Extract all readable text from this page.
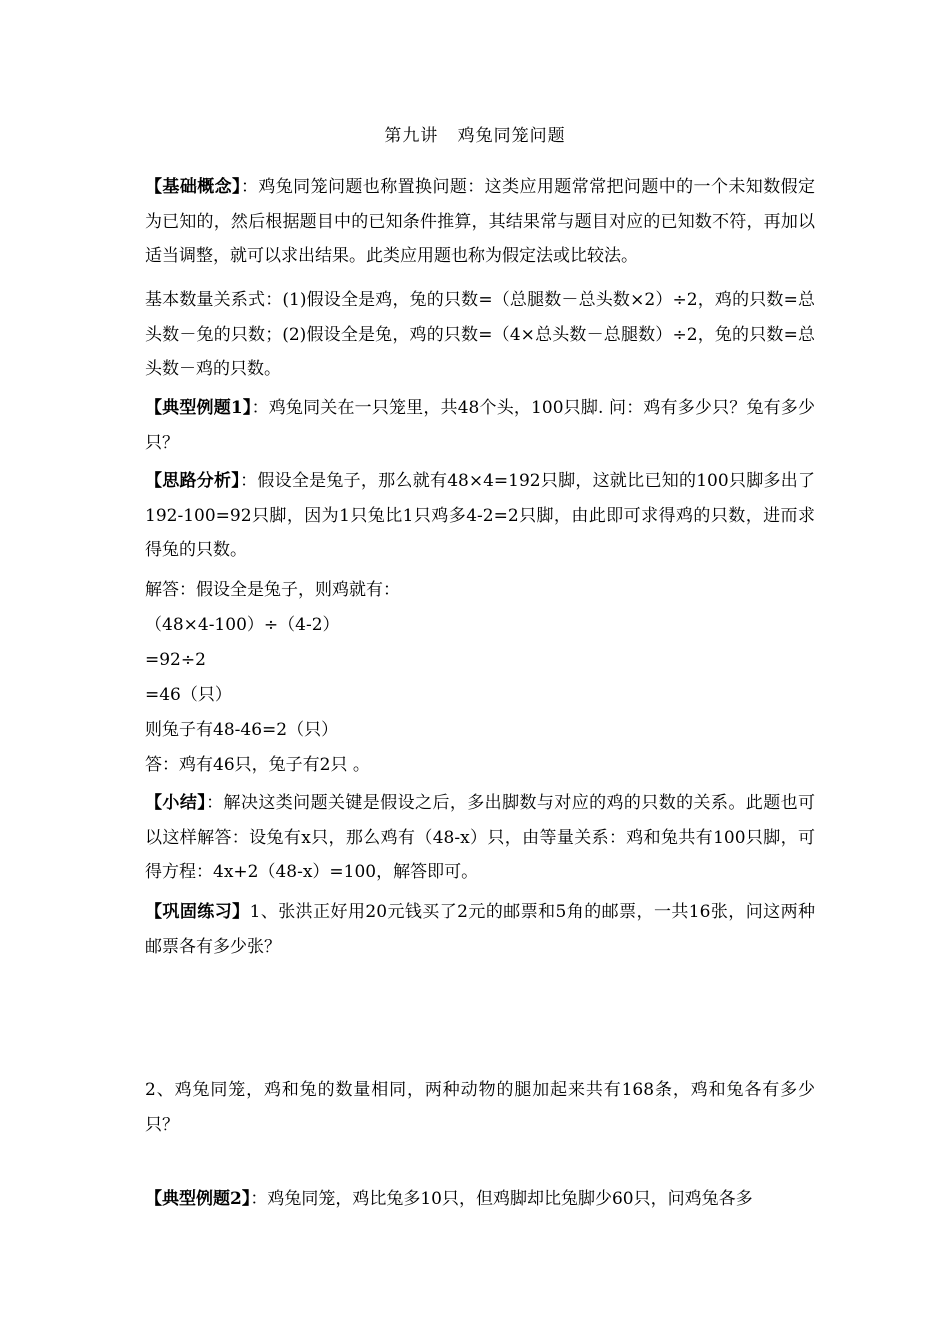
第九讲   鸡兔同笼问题
【基础概念】：鸡兔同笼问题也称置换问题：这类应用题常常把问题中的一个未知数假定为已知的，然后根据题目中的已知条件推算，其结果常与题目对应的已知数不符，再加以适当调整，就可以求出结果。此类应用题也称为假定法或比较法。
基本数量关系式：(1)假设全是鸡，兔的只数=（总腿数－总头数×2）÷2，鸡的只数=总头数－兔的只数；(2)假设全是兔，鸡的只数=（4×总头数－总腿数）÷2，兔的只数=总头数－鸡的只数。
【典型例题1】：鸡兔同关在一只笼里，共48个头，100只脚. 问：鸡有多少只？兔有多少只？
【思路分析】：假设全是兔子，那么就有48×4=192只脚，这就比已知的100只脚多出了192-100=92只脚，因为1只兔比1只鸡多4-2=2只脚，由此即可求得鸡的只数，进而求得兔的只数。
解答：假设全是兔子，则鸡就有：
（48×4-100）÷（4-2）
=92÷2
=46（只）
则兔子有48-46=2（只）
答：鸡有46只，兔子有2只 。
【小结】：解决这类问题关键是假设之后，多出脚数与对应的鸡的只数的关系。此题也可以这样解答：设兔有x只，那么鸡有（48-x）只，由等量关系：鸡和兔共有100只脚，可得方程：4x+2（48-x）=100，解答即可。
【巩固练习】1、张洪正好用20元钱买了2元的邮票和5角的邮票，一共16张，问这两种邮票各有多少张？
2、鸡兔同笼，鸡和兔的数量相同，两种动物的腿加起来共有168条，鸡和兔各有多少只？
【典型例题2】：鸡兔同笼，鸡比兔多10只，但鸡脚却比兔脚少60只，问鸡兔各多
